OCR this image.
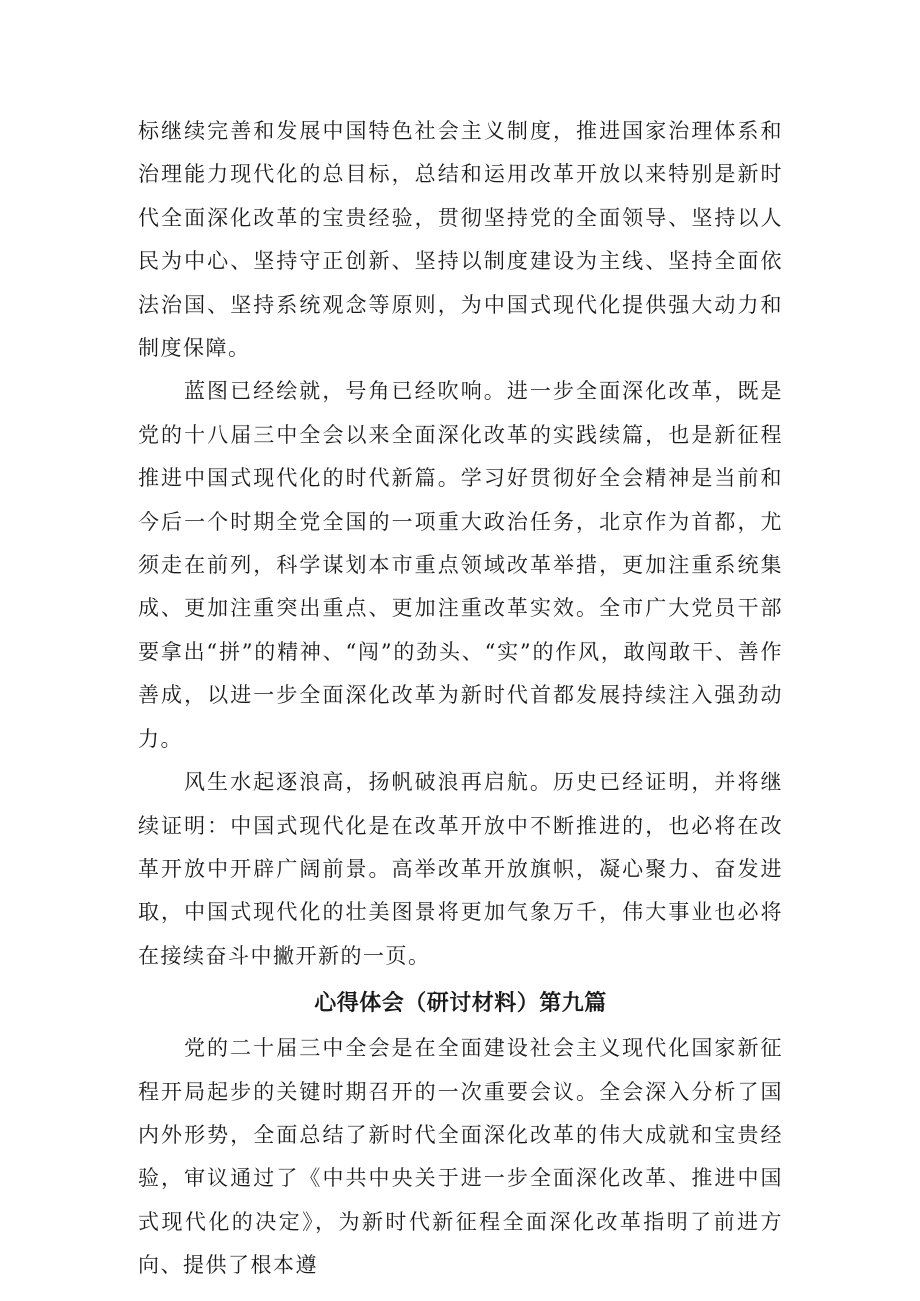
标继续完善和发展中国特色社会主义制度，推进国家治理体系和治理能力现代化的总目标，总结和运用改革开放以来特别是新时代全面深化改革的宝贵经验，贯彻坚持党的全面领导、坚持以人民为中心、坚持守正创新、坚持以制度建设为主线、坚持全面依法治国、坚持系统观念等原则，为中国式现代化提供强大动力和制度保障。

蓝图已经绘就，号角已经吹响。进一步全面深化改革，既是党的十八届三中全会以来全面深化改革的实践续篇，也是新征程推进中国式现代化的时代新篇。学习好贯彻好全会精神是当前和今后一个时期全党全国的一项重大政治任务，北京作为首都，尤须走在前列，科学谋划本市重点领域改革举措，更加注重系统集成、更加注重突出重点、更加注重改革实效。全市广大党员干部要拿出“拼”的精神、“闯”的劲头、“实”的作风，敢闯敢干、善作善成，以进一步全面深化改革为新时代首都发展持续注入强劲动力。

风生水起逐浪高，扬帆破浪再启航。历史已经证明，并将继续证明：中国式现代化是在改革开放中不断推进的，也必将在改革开放中开辟广阔前景。高举改革开放旗帜，凝心聚力、奋发进取，中国式现代化的壮美图景将更加气象万千，伟大事业也必将在接续奋斗中撇开新的一页。

心得体会（研讨材料）第九篇

党的二十届三中全会是在全面建设社会主义现代化国家新征程开局起步的关键时期召开的一次重要会议。全会深入分析了国内外形势，全面总结了新时代全面深化改革的伟大成就和宝贵经验，审议通过了《中共中央关于进一步全面深化改革、推进中国式现代化的决定》，为新时代新征程全面深化改革指明了前进方向、提供了根本遵
